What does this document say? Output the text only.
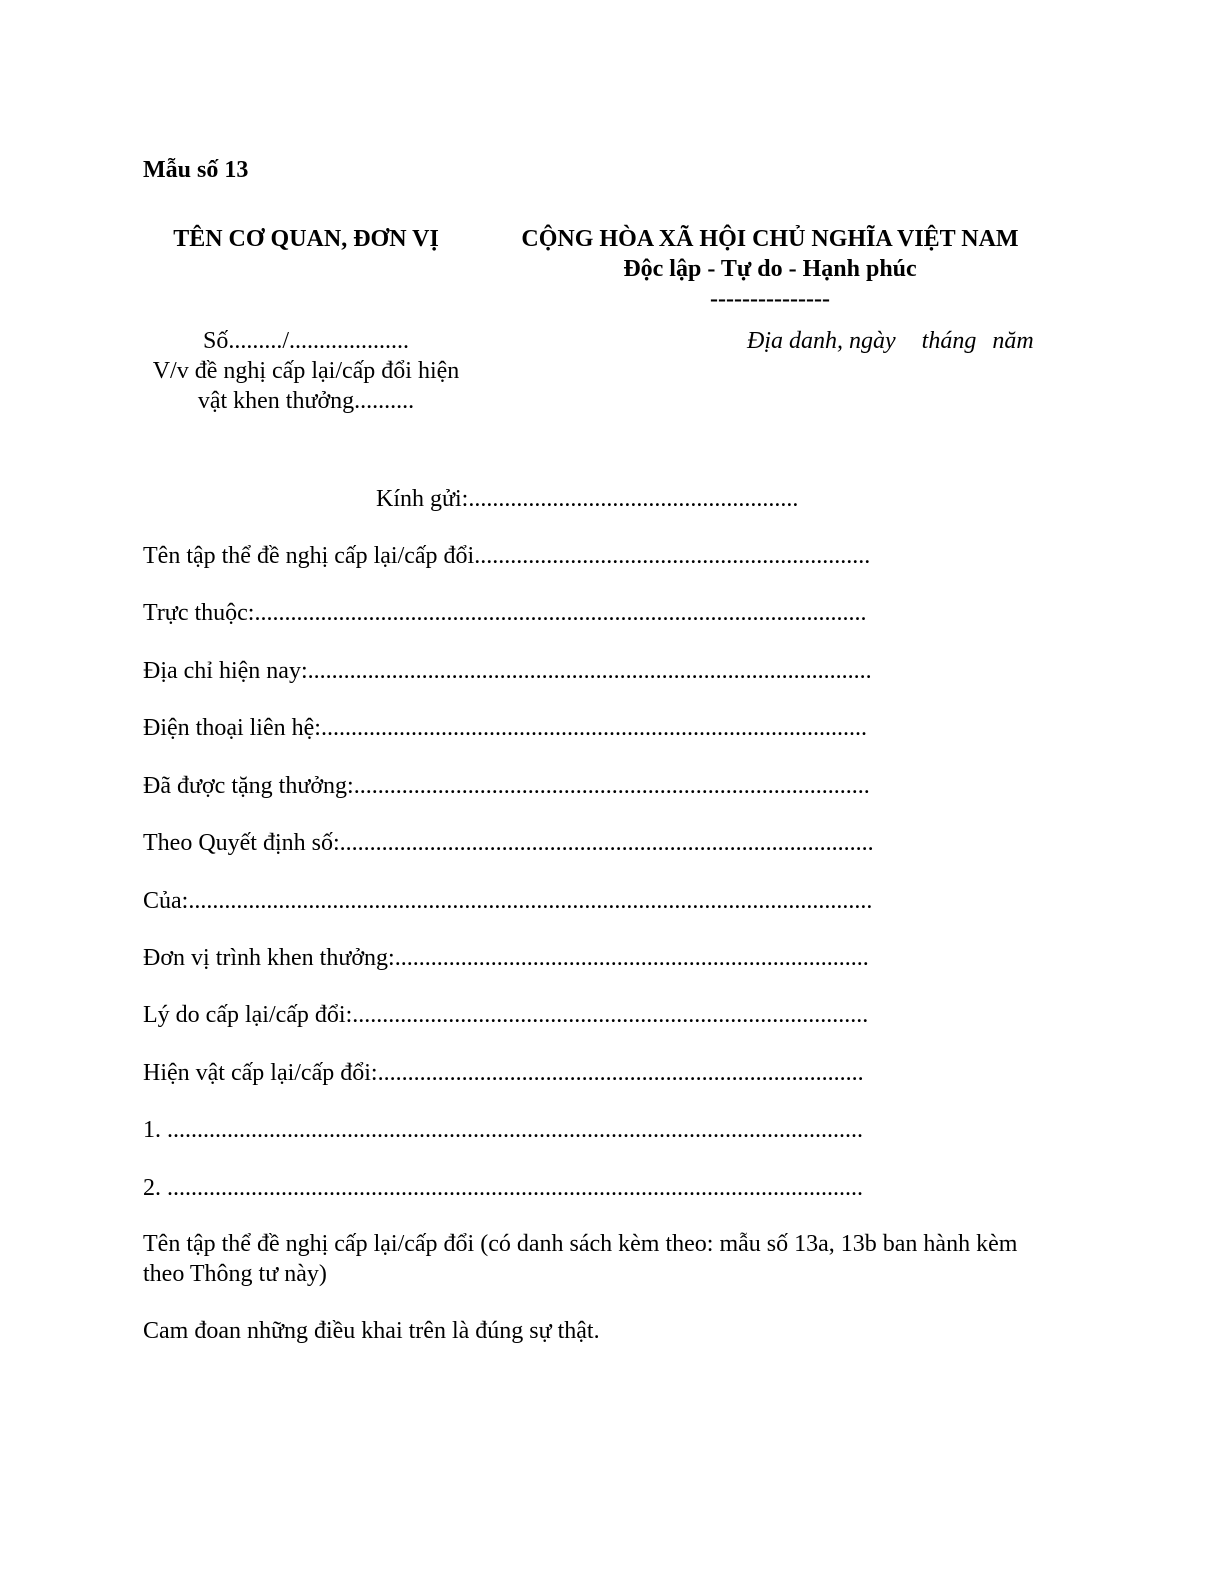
Mẫu số 13
TÊN CƠ QUAN, ĐƠN VỊ	CỘNG HÒA XÃ HỘI CHỦ NGHĨA VIỆT NAM
Độc lập - Tự do - Hạnh phúc
---------------
Số........./....................
V/v đề nghị cấp lại/cấp đổi hiện
vật khen thưởng..........
Địa danh, ngày tháng năm
Kính gửi:.......................................................
Tên tập thể đề nghị cấp lại/cấp đổi..................................................................
Trực thuộc:......................................................................................................
Địa chỉ hiện nay:..............................................................................................
Điện thoại liên hệ:...........................................................................................
Đã được tặng thưởng:......................................................................................
Theo Quyết định số:.........................................................................................
Của:..................................................................................................................
Đơn vị trình khen thưởng:...............................................................................
Lý do cấp lại/cấp đổi:......................................................................................
Hiện vật cấp lại/cấp đổi:.................................................................................
1. ....................................................................................................................
2. ....................................................................................................................
Tên tập thể đề nghị cấp lại/cấp đổi (có danh sách kèm theo: mẫu số 13a, 13b ban hành kèm theo Thông tư này)
Cam đoan những điều khai trên là đúng sự thật.
